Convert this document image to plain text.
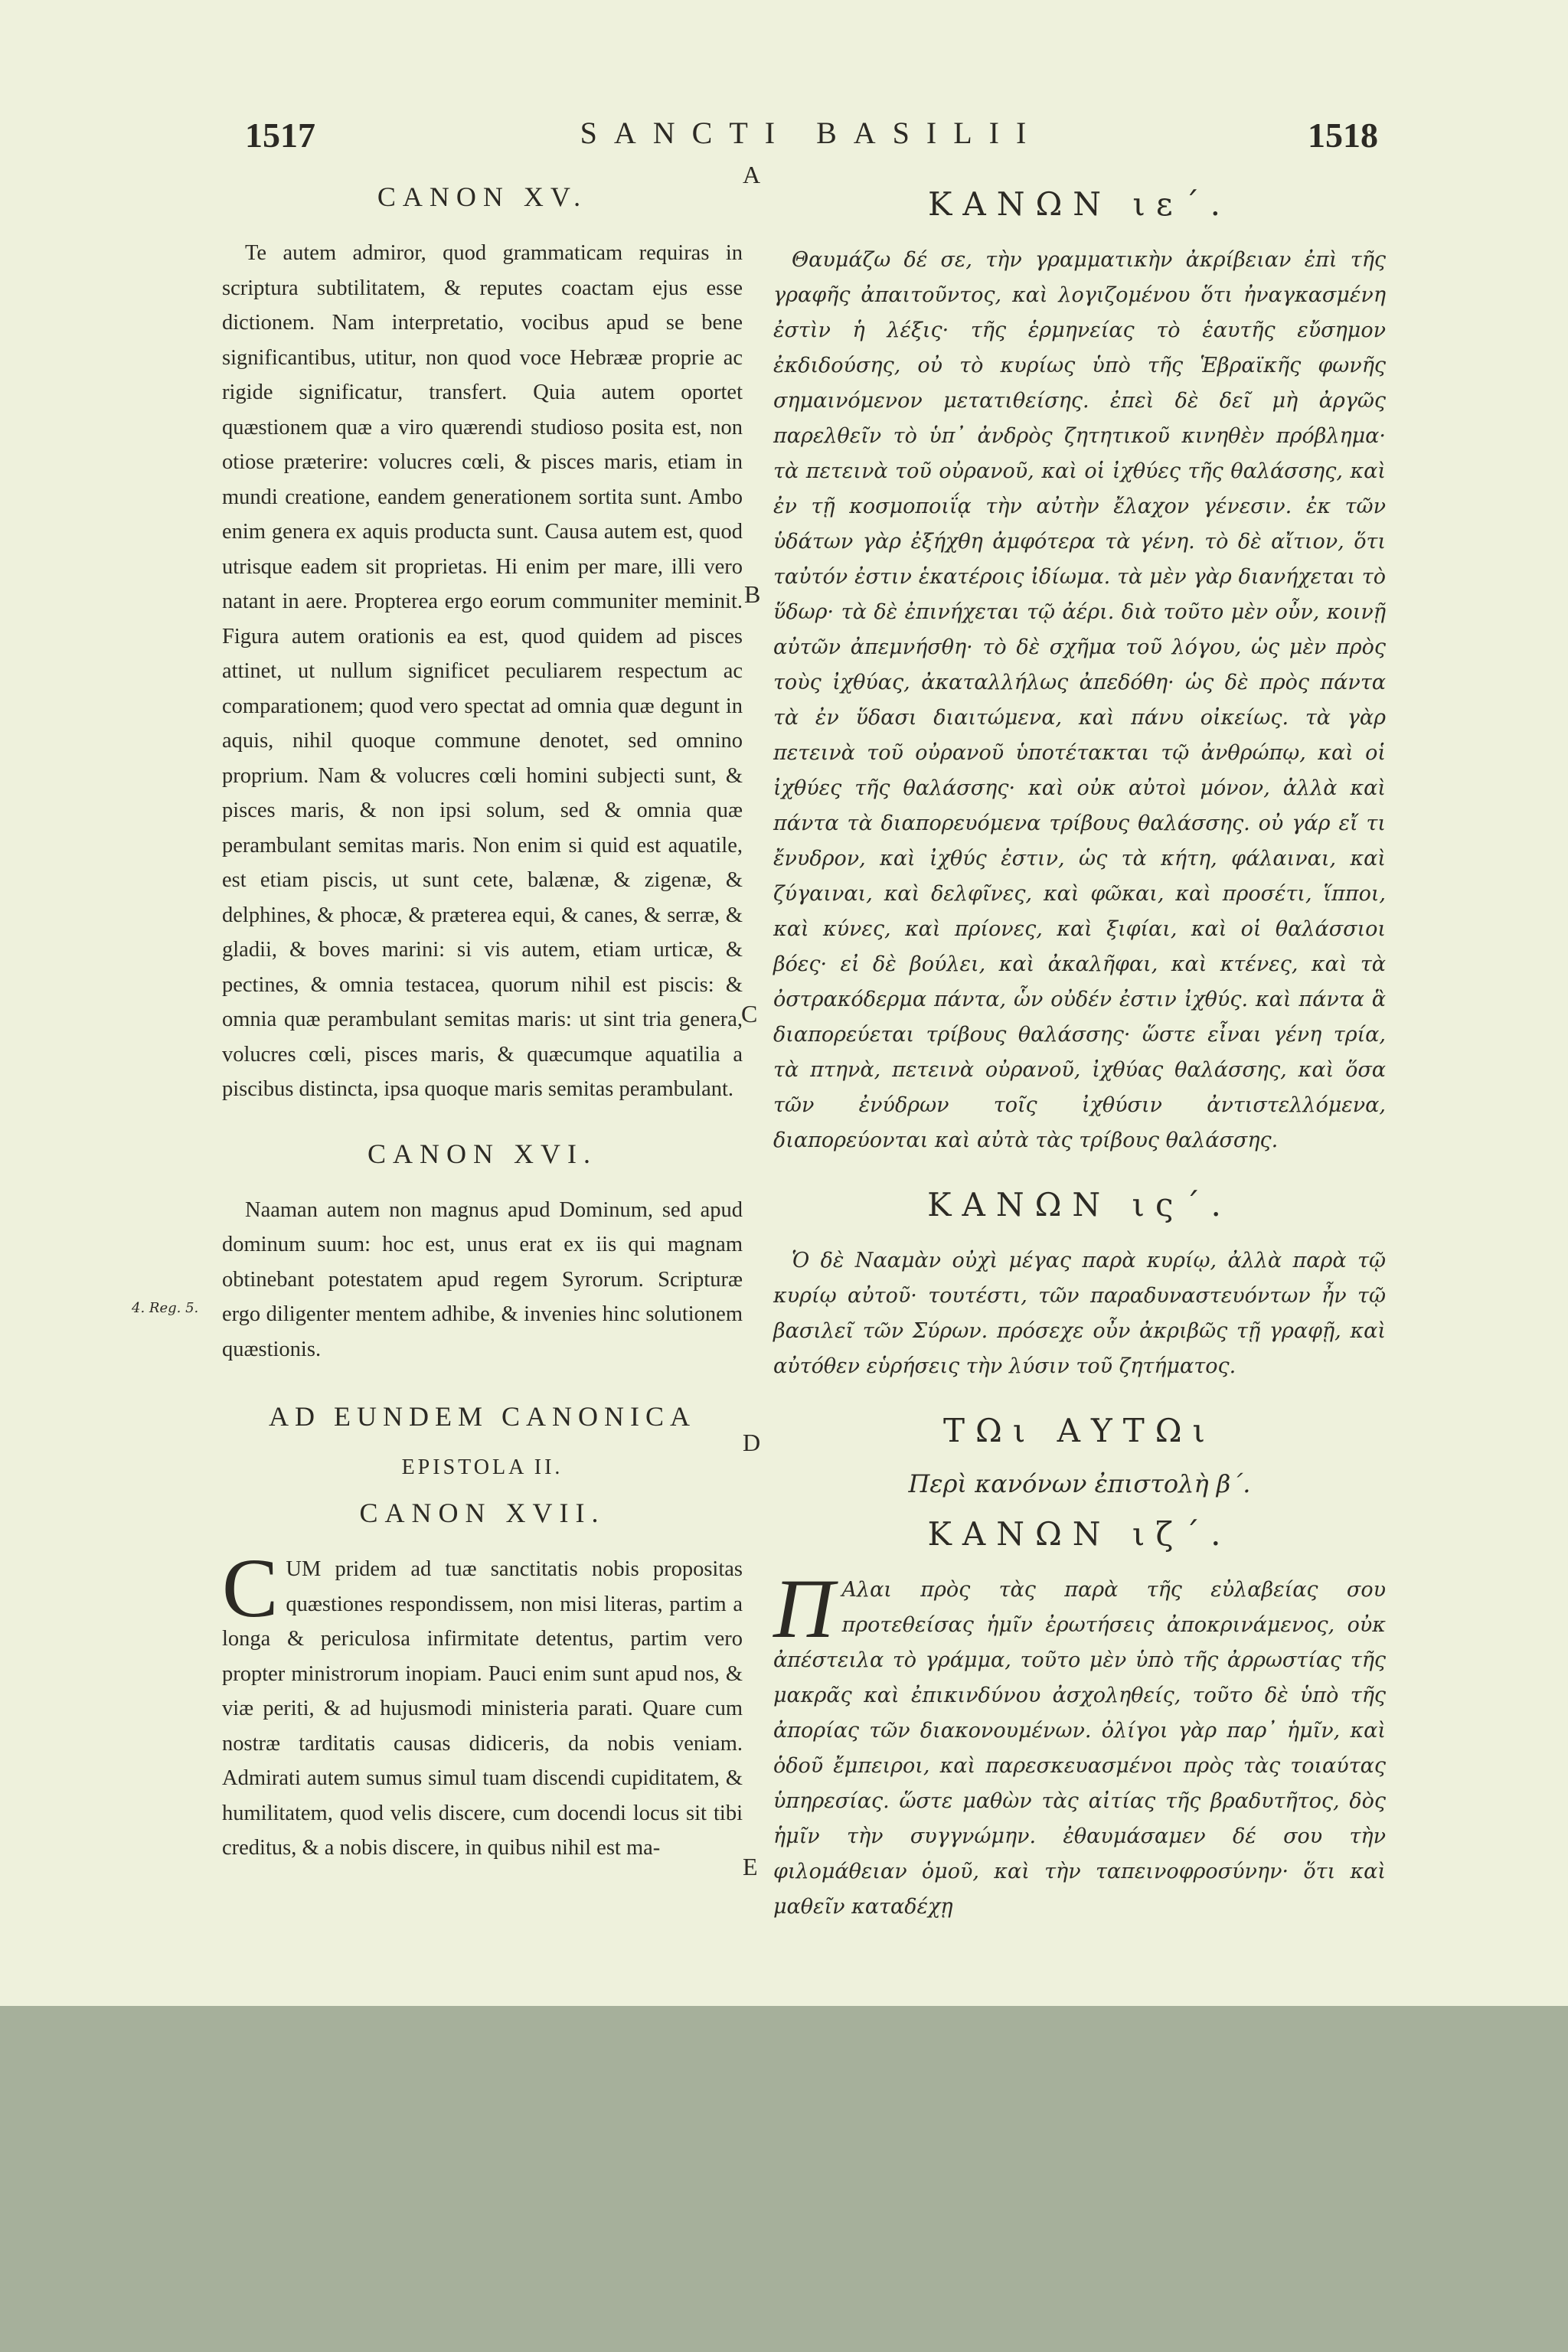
1517	SANCTI BASILII	1518
A
B
C
D
E
4. Reg. 5.
CANON XV.

Te autem admiror, quod grammaticam requiras in scriptura subtilitatem, & reputes coactam ejus esse dictionem. Nam interpretatio, vocibus apud se bene significantibus, utitur, non quod voce Hebrææ proprie ac rigide significatur, transfert. Quia autem oportet quæstionem quæ a viro quærendi studioso posita est, non otiose præterire: volucres cœli, & pisces maris, etiam in mundi creatione, eandem generationem sortita sunt. Ambo enim genera ex aquis producta sunt. Causa autem est, quod utrisque eadem sit proprietas. Hi enim per mare, illi vero natant in aere. Propterea ergo eorum communiter meminit. Figura autem orationis ea est, quod quidem ad pisces attinet, ut nullum significet peculiarem respectum ac comparationem; quod vero spectat ad omnia quæ degunt in aquis, nihil quoque commune denotet, sed omnino proprium. Nam & volucres cœli homini subjecti sunt, & pisces maris, & non ipsi solum, sed & omnia quæ perambulant semitas maris. Non enim si quid est aquatile, est etiam piscis, ut sunt cete, balænæ, & zigenæ, & delphines, & phocæ, & præterea equi, & canes, & serræ, & gladii, & boves marini: si vis autem, etiam urticæ, & pectines, & omnia testacea, quorum nihil est piscis: & omnia quæ perambulant semitas maris: ut sint tria genera, volucres cœli, pisces maris, & quæcumque aquatilia a piscibus distincta, ipsa quoque maris semitas perambulant.

CANON XVI.

Naaman autem non magnus apud Dominum, sed apud dominum suum: hoc est, unus erat ex iis qui magnam obtinebant potestatem apud regem Syrorum. Scripturæ ergo diligenter mentem adhibe, & invenies hinc solutionem quæstionis.

AD EUNDEM CANONICA
EPISTOLA II.
CANON XVII.

CUM pridem ad tuæ sanctitatis nobis propositas quæstiones respondissem, non misi literas, partim a longa & periculosa infirmitate detentus, partim vero propter ministrorum inopiam. Pauci enim sunt apud nos, & viæ periti, & ad hujusmodi ministeria parati. Quare cum nostræ tarditatis causas didiceris, da nobis veniam. Admirati autem sumus simul tuam discendi cupiditatem, & humilitatem, quod velis discere, cum docendi locus sit tibi creditus, & a nobis discere, in quibus nihil est ma-

ΚΑΝΩΝ ιε΄.

Θαυμάζω δέ σε, τὴν γραμματικὴν ἀκρίβειαν ἐπὶ τῆς γραφῆς ἀπαιτοῦντος, καὶ λογιζομένου ὅτι ἠναγκασμένη ἐστὶν ἡ λέξις· τῆς ἑρμηνείας τὸ ἑαυτῆς εὔσημον ἐκδιδούσης, οὐ τὸ κυρίως ὑπὸ τῆς Ἑβραϊκῆς φωνῆς σημαινόμενον μετατιθείσης. ἐπεὶ δὲ δεῖ μὴ ἀργῶς παρελθεῖν τὸ ὑπ᾽ ἀνδρὸς ζητητικοῦ κινηθὲν πρόβλημα· τὰ πετεινὰ τοῦ οὐρανοῦ, καὶ οἱ ἰχθύες τῆς θαλάσσης, καὶ ἐν τῇ κοσμοποιΐᾳ τὴν αὐτὴν ἔλαχον γένεσιν. ἐκ τῶν ὑδάτων γὰρ ἐξήχθη ἀμφότερα τὰ γένη. τὸ δὲ αἴτιον, ὅτι ταὐτόν ἐστιν ἑκατέροις ἰδίωμα. τὰ μὲν γὰρ διανήχεται τὸ ὕδωρ· τὰ δὲ ἐπινήχεται τῷ ἀέρι. διὰ τοῦτο μὲν οὖν, κοινῇ αὐτῶν ἀπεμνήσθη· τὸ δὲ σχῆμα τοῦ λόγου, ὡς μὲν πρὸς τοὺς ἰχθύας, ἀκαταλλήλως ἀπεδόθη· ὡς δὲ πρὸς πάντα τὰ ἐν ὕδασι διαιτώμενα, καὶ πάνυ οἰκείως. τὰ γὰρ πετεινὰ τοῦ οὐρανοῦ ὑποτέτακται τῷ ἀνθρώπῳ, καὶ οἱ ἰχθύες τῆς θαλάσσης· καὶ οὐκ αὐτοὶ μόνον, ἀλλὰ καὶ πάντα τὰ διαπορευόμενα τρίβους θαλάσσης. οὐ γάρ εἴ τι ἔνυδρον, καὶ ἰχθύς ἐστιν, ὡς τὰ κήτη, φάλαιναι, καὶ ζύγαιναι, καὶ δελφῖνες, καὶ φῶκαι, καὶ προσέτι, ἵπποι, καὶ κύνες, καὶ πρίονες, καὶ ξιφίαι, καὶ οἱ θαλάσσιοι βόες· εἰ δὲ βούλει, καὶ ἀκαλῆφαι, καὶ κτένες, καὶ τὰ ὀστρακόδερμα πάντα, ὧν οὐδέν ἐστιν ἰχθύς. καὶ πάντα ἃ διαπορεύεται τρίβους θαλάσσης· ὥστε εἶναι γένη τρία, τὰ πτηνὰ, πετεινὰ οὐρανοῦ, ἰχθύας θαλάσσης, καὶ ὅσα τῶν ἐνύδρων τοῖς ἰχθύσιν ἀντιστελλόμενα, διαπορεύονται καὶ αὐτὰ τὰς τρίβους θαλάσσης.

ΚΑΝΩΝ ις΄.

Ὁ δὲ Νααμὰν οὐχὶ μέγας παρὰ κυρίῳ, ἀλλὰ παρὰ τῷ κυρίῳ αὐτοῦ· τουτέστι, τῶν παραδυναστευόντων ἦν τῷ βασιλεῖ τῶν Σύρων. πρόσεχε οὖν ἀκριβῶς τῇ γραφῇ, καὶ αὐτόθεν εὑρήσεις τὴν λύσιν τοῦ ζητήματος.

ΤΩι ΑΥΤΩι
Περὶ κανόνων ἐπιστολὴ β΄.
ΚΑΝΩΝ ιζ΄.

Π Αλαι πρὸς τὰς παρὰ τῆς εὐλαβείας σου προτεθείσας ἡμῖν ἐρωτήσεις ἀποκρινάμενος, οὐκ ἀπέστειλα τὸ γράμμα, τοῦτο μὲν ὑπὸ τῆς ἀρρωστίας τῆς μακρᾶς καὶ ἐπικινδύνου ἀσχοληθείς, τοῦτο δὲ ὑπὸ τῆς ἀπορίας τῶν διακονουμένων. ὀλίγοι γὰρ παρ᾽ ἡμῖν, καὶ ὁδοῦ ἔμπειροι, καὶ παρεσκευασμένοι πρὸς τὰς τοιαύτας ὑπηρεσίας. ὥστε μαθὼν τὰς αἰτίας τῆς βραδυτῆτος, δὸς ἡμῖν τὴν συγγνώμην. ἐθαυμάσαμεν δέ σου τὴν φιλομάθειαν ὁμοῦ, καὶ τὴν ταπεινοφροσύνην· ὅτι καὶ μαθεῖν καταδέχῃ
